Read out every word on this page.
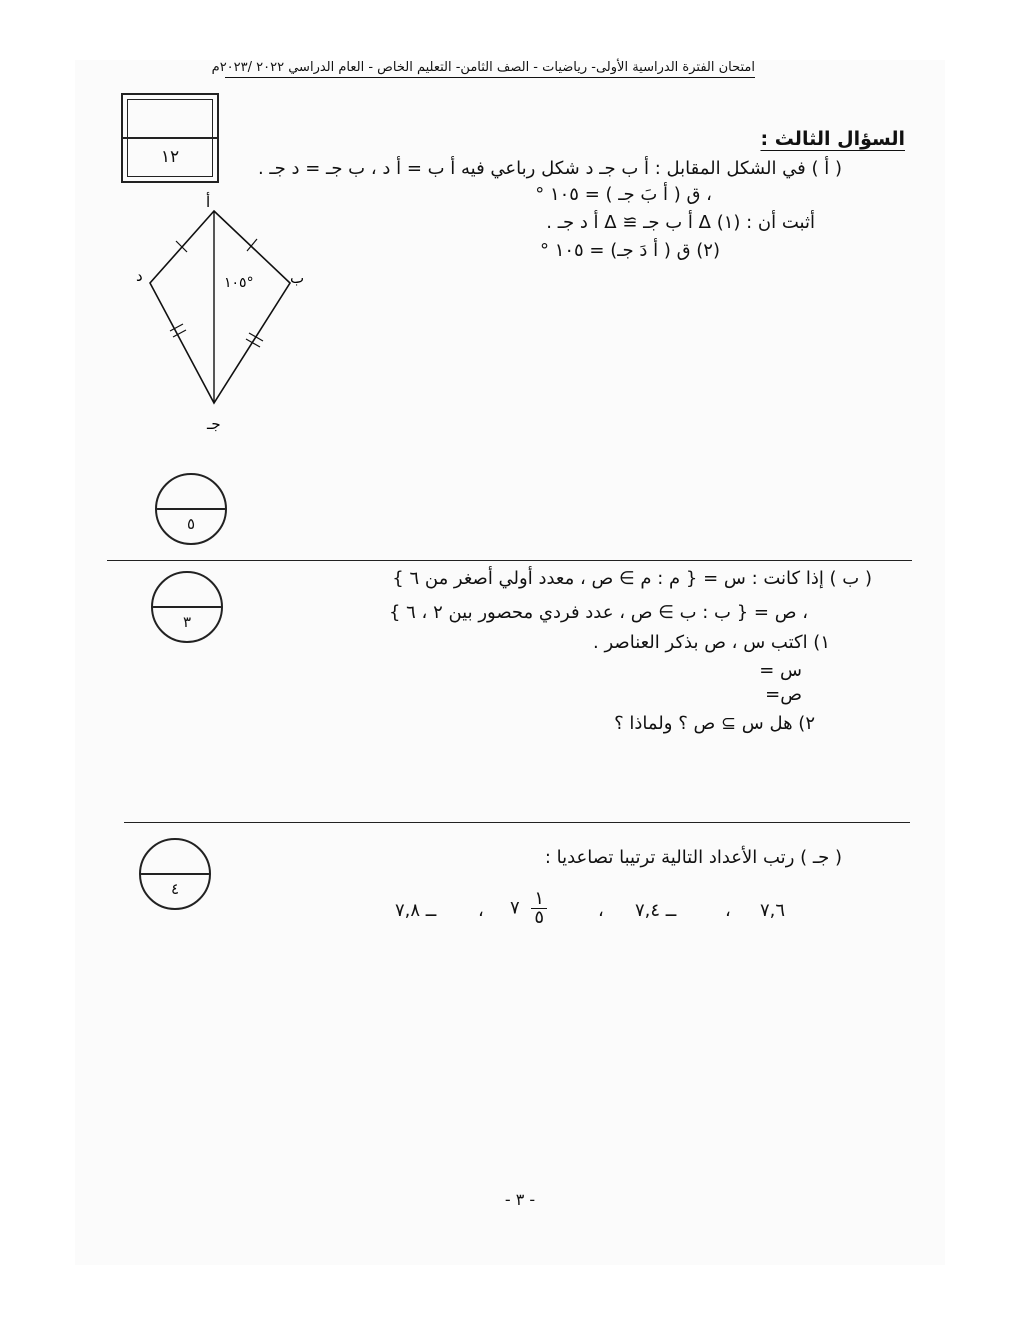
امتحان الفترة الدراسية الأولى- رياضيات - الصف الثامن- التعليم الخاص - العام الدراسي ٢٠٢٢ /٢٠٢٣م
١٢
السؤال الثالث :
( أ ) في الشكل المقابل : أ ب جـ د شكل رباعي فيه أ ب = أ د ، ب جـ = د جـ .
، ق ( أ بَ جـ ) = ١٠٥ °
أثبت أن : (١) Δ أ ب جـ ≅ Δ أ د جـ .
(٢) ق ( أ دَ جـ) = ١٠٥ °
أ
ب
د
جـ
١٠٥°
٥
٣
( ب ) إذا كانت : س = { م : م ∋ ص ، معدد أولي أصغر من ٦ }
، ص = { ب : ب ∋ ص ، عدد فردي محصور بين ٢ ، ٦ }
١) اكتب س ، ص بذكر العناصر .
س =
ص=
٢) هل س ⊇ ص ؟ ولماذا ؟
٤
( جـ ) رتب الأعداد التالية ترتيبا تصاعديا :
ــ ٧,٨ ، ٧ $\frac{١}{٥}$	، ــ ٧,٤	، ٧,٦
- ٣ -
